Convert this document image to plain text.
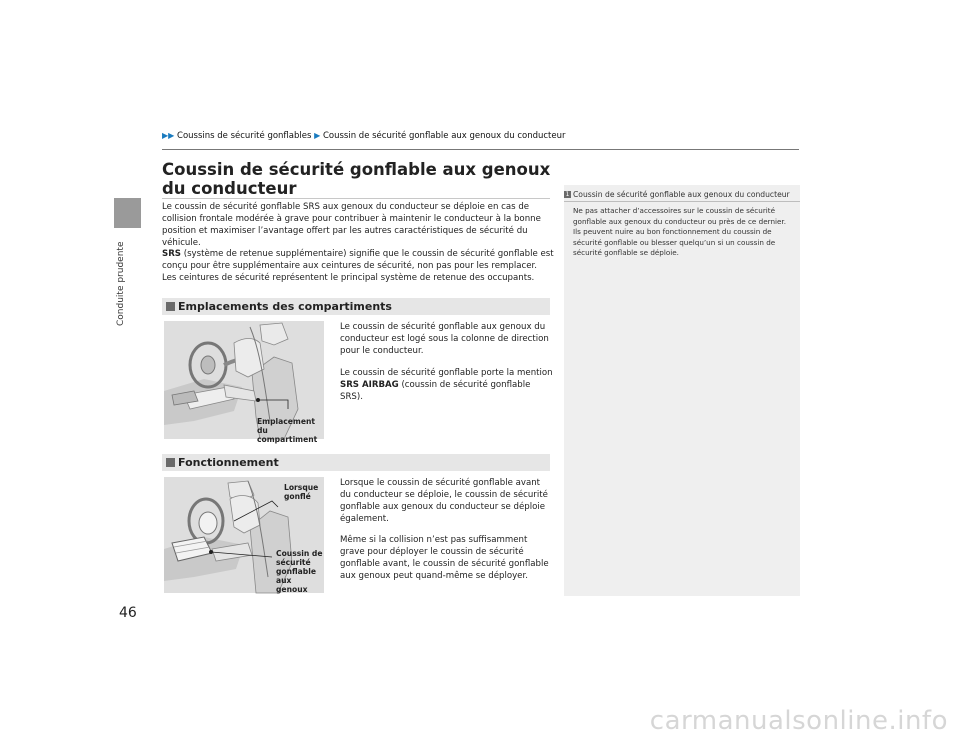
Conduite prudente
46
▶▶ Coussins de sécurité gonflables ▶ Coussin de sécurité gonflable aux genoux du conducteur
Coussin de sécurité gonflable aux genoux du conducteur
Le coussin de sécurité gonflable SRS aux genoux du conducteur se déploie en cas de collision frontale modérée à grave pour contribuer à maintenir le conducteur à la bonne position et maximiser l’avantage offert par les autres caractéristiques de sécurité du véhicule.
SRS (système de retenue supplémentaire) signifie que le coussin de sécurité gonflable est conçu pour être supplémentaire aux ceintures de sécurité, non pas pour les remplacer. Les ceintures de sécurité représentent le principal système de retenue des occupants.
Emplacements des compartiments
Emplacement du compartiment
Le coussin de sécurité gonflable aux genoux du conducteur est logé sous la colonne de direction pour le conducteur.
Le coussin de sécurité gonflable porte la mention SRS AIRBAG (coussin de sécurité gonflable SRS).
Fonctionnement
Lorsque gonflé
Coussin de sécurité gonflable aux genoux
Lorsque le coussin de sécurité gonflable avant du conducteur se déploie, le coussin de sécurité gonflable aux genoux du conducteur se déploie également.
Même si la collision n’est pas suffisamment grave pour déployer le coussin de sécurité gonflable avant, le coussin de sécurité gonflable aux genoux peut quand-même se déployer.
1 Coussin de sécurité gonflable aux genoux du conducteur
Ne pas attacher d’accessoires sur le coussin de sécurité gonflable aux genoux du conducteur ou près de ce dernier. Ils peuvent nuire au bon fonctionnement du coussin de sécurité gonflable ou blesser quelqu’un si un coussin de sécurité gonflable se déploie.
carmanualsonline.info
